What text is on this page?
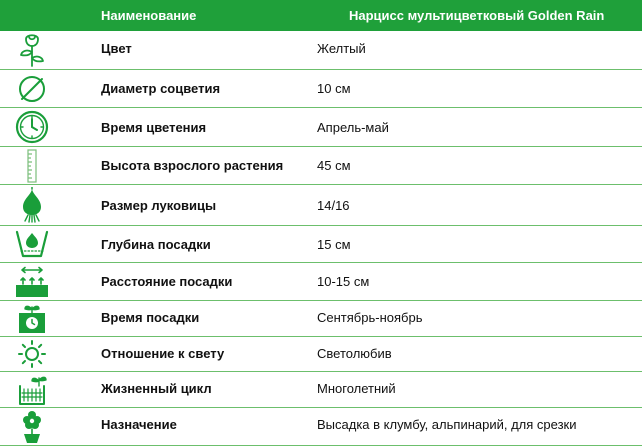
Наименование	Нарцисс мультицветковый Golden Rain
Цвет	Желтый
Диаметр соцветия	10 см
Время цветения	Апрель-май
Высота взрослого растения	45 см
Размер луковицы	14/16
Глубина посадки	15 см
Расстояние посадки	10-15 см
Время посадки	Сентябрь-ноябрь
Отношение к свету	Светолюбив
Жизненный цикл	Многолетний
Назначение	Высадка в клумбу, альпинарий, для срезки
